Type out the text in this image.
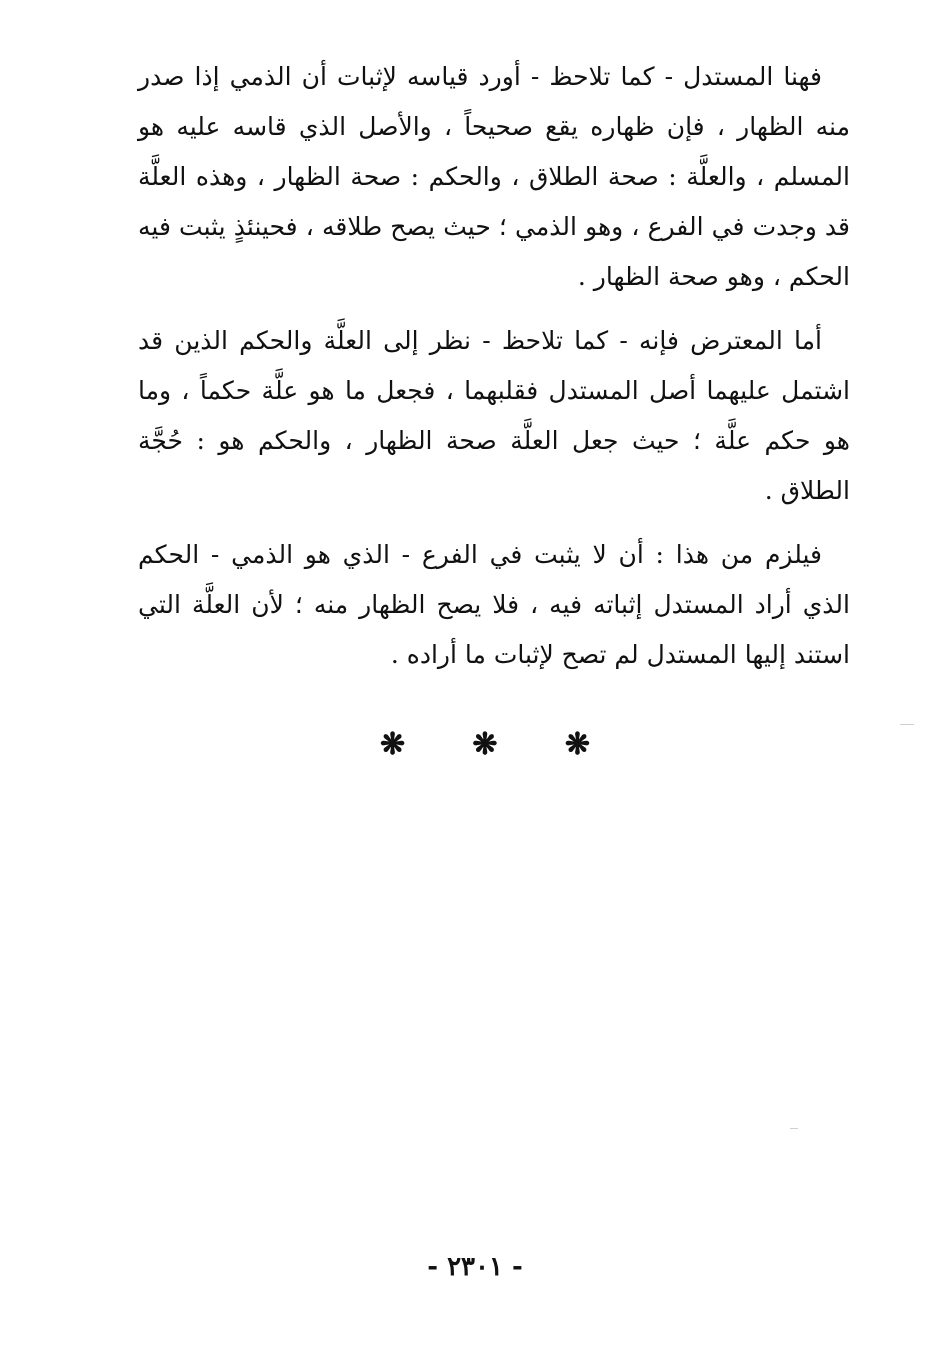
فهنا المستدل - كما تلاحظ - أورد قياسه لإثبات أن الذمي إذا صدر منه الظهار ، فإن ظهاره يقع صحيحاً ، والأصل الذي قاسه عليه هو المسلم ، والعلَّة : صحة الطلاق ، والحكم : صحة الظهار ، وهذه العلَّة قد وجدت في الفرع ، وهو الذمي ؛ حيث يصح طلاقه ، فحينئذٍ يثبت فيه الحكم ، وهو صحة الظهار .

أما المعترض فإنه - كما تلاحظ - نظر إلى العلَّة والحكم الذين قد اشتمل عليهما أصل المستدل فقلبهما ، فجعل ما هو علَّة حكماً ، وما هو حكم علَّة ؛ حيث جعل العلَّة صحة الظهار ، والحكم هو : حُجَّة الطلاق .

فيلزم من هذا : أن لا يثبت في الفرع - الذي هو الذمي - الحكم الذي أراد المستدل إثباته فيه ، فلا يصح الظهار منه ؛ لأن العلَّة التي استند إليها المستدل لم تصح لإثبات ما أراده .

❋ ❋ ❋
- ٢٣٠١ -
